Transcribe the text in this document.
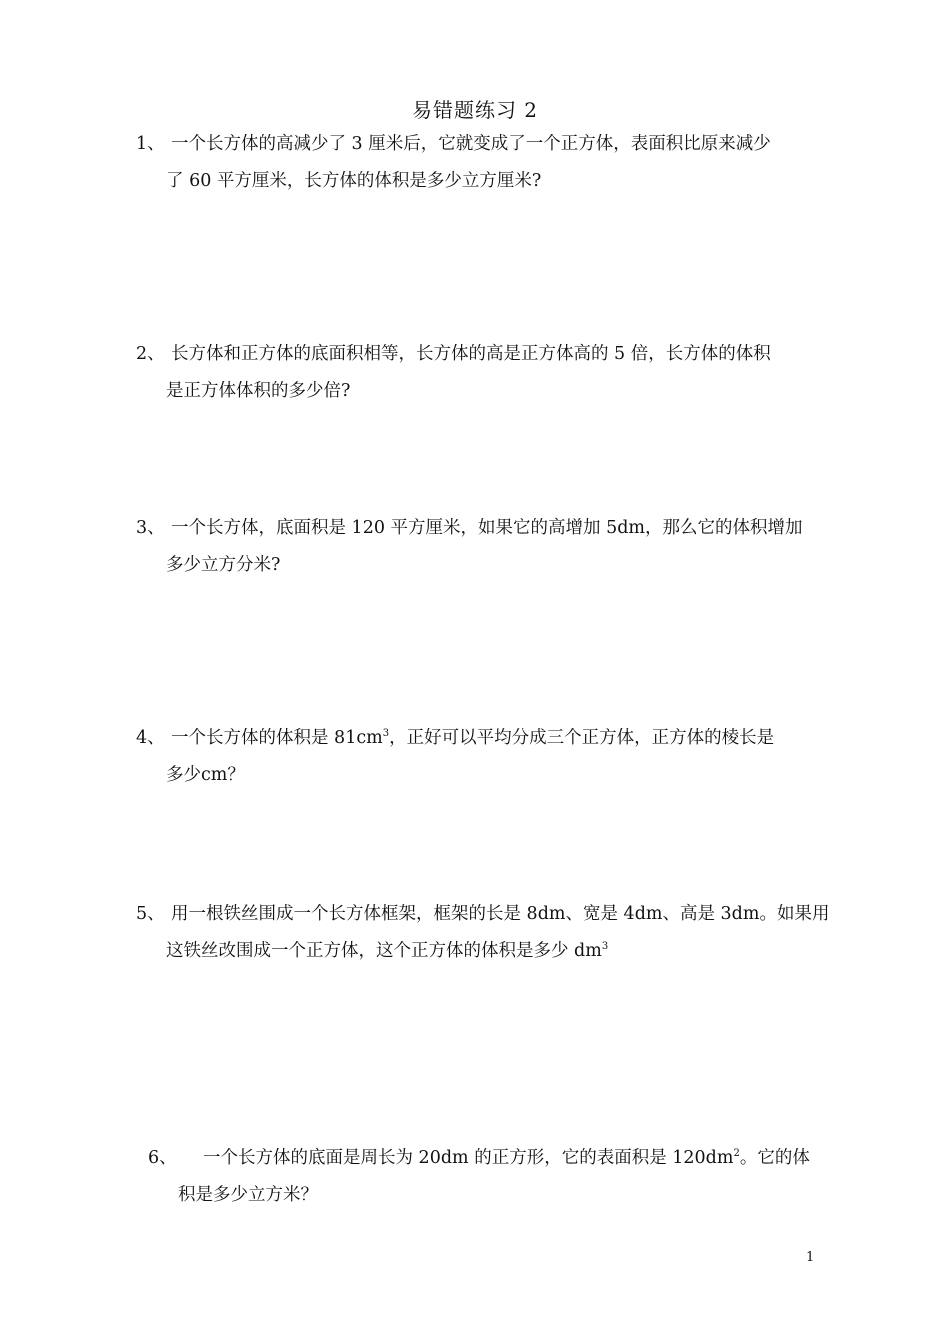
易错题练习 2
1、 一个长方体的高减少了 3 厘米后，它就变成了一个正方体，表面积比原来减少
了 60 平方厘米，长方体的体积是多少立方厘米?
2、 长方体和正方体的底面积相等，长方体的高是正方体高的 5 倍，长方体的体积
是正方体体积的多少倍?
3、 一个长方体，底面积是 120 平方厘米，如果它的高增加 5dm，那么它的体积增加
多少立方分米?
4、 一个长方体的体积是 $81cm^3$，正好可以平均分成三个正方体，正方体的棱长是
多少cm？
5、 用一根铁丝围成一个长方体框架，框架的长是 8dm、宽是 4dm、高是 3dm。如果用
这铁丝改围成一个正方体，这个正方体的体积是多少 $dm^3$
6、	一个长方体的底面是周长为 20dm 的正方形，它的表面积是 $120dm^2$。它的体
积是多少立方米？
1
